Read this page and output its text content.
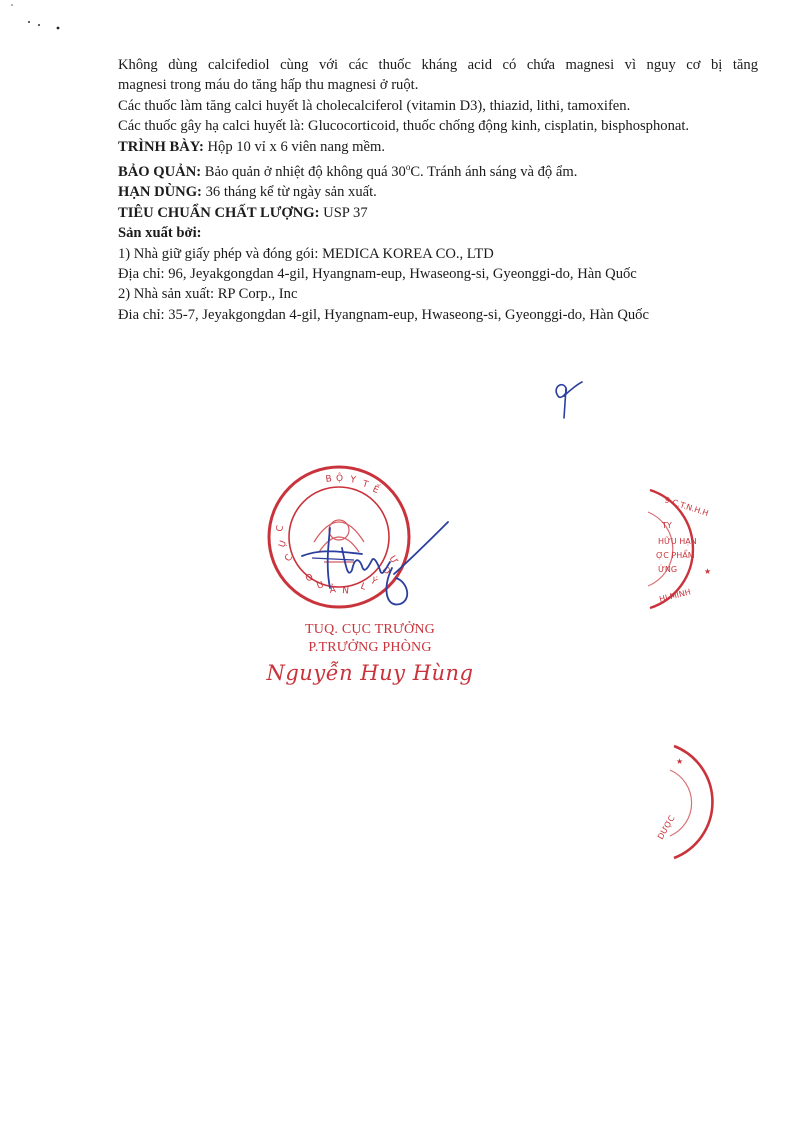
Không dùng calcifediol cùng với các thuốc kháng acid có chứa magnesi vì nguy cơ bị tăng

magnesi trong máu do tăng hấp thu magnesi ở ruột.

Các thuốc làm tăng calci huyết là cholecalciferol (vitamin D3), thiazid, lithi, tamoxifen.

Các thuốc gây hạ calci huyết là: Glucocorticoid, thuốc chống động kinh, cisplatin, bisphosphonat.

TRÌNH BÀY: Hộp 10 vỉ x 6 viên nang mềm.

BẢO QUẢN: Bảo quản ở nhiệt độ không quá 30$^o$C. Tránh ánh sáng và độ ẩm.

HẠN DÙNG: 36 tháng kể từ ngày sản xuất.

TIÊU CHUẨN CHẤT LƯỢNG: USP 37

Sản xuất bởi:

1) Nhà giữ giấy phép và đóng gói: MEDICA KOREA CO., LTD

Địa chỉ: 96, Jeyakgongdan 4-gil, Hyangnam-eup, Hwaseong-si, Gyeonggi-do, Hàn Quốc

2) Nhà sản xuất: RP Corp., Inc

Đia chỉ: 35-7, Jeyakgongdan 4-gil, Hyangnam-eup, Hwaseong-si, Gyeonggi-do, Hàn Quốc

B Ộ Y T Ế
C
Ụ
C
Q
U Ả N L Ý
D
Ư
9-C.T.N.H.H
TY
HỮU HẠN
ỢC PHẨM
ỨNG
HI MINH
★
★
DƯỢC
TUQ. CỤC TRƯỞNG
P.TRƯỞNG PHÒNG
Nguyễn Huy Hùng
